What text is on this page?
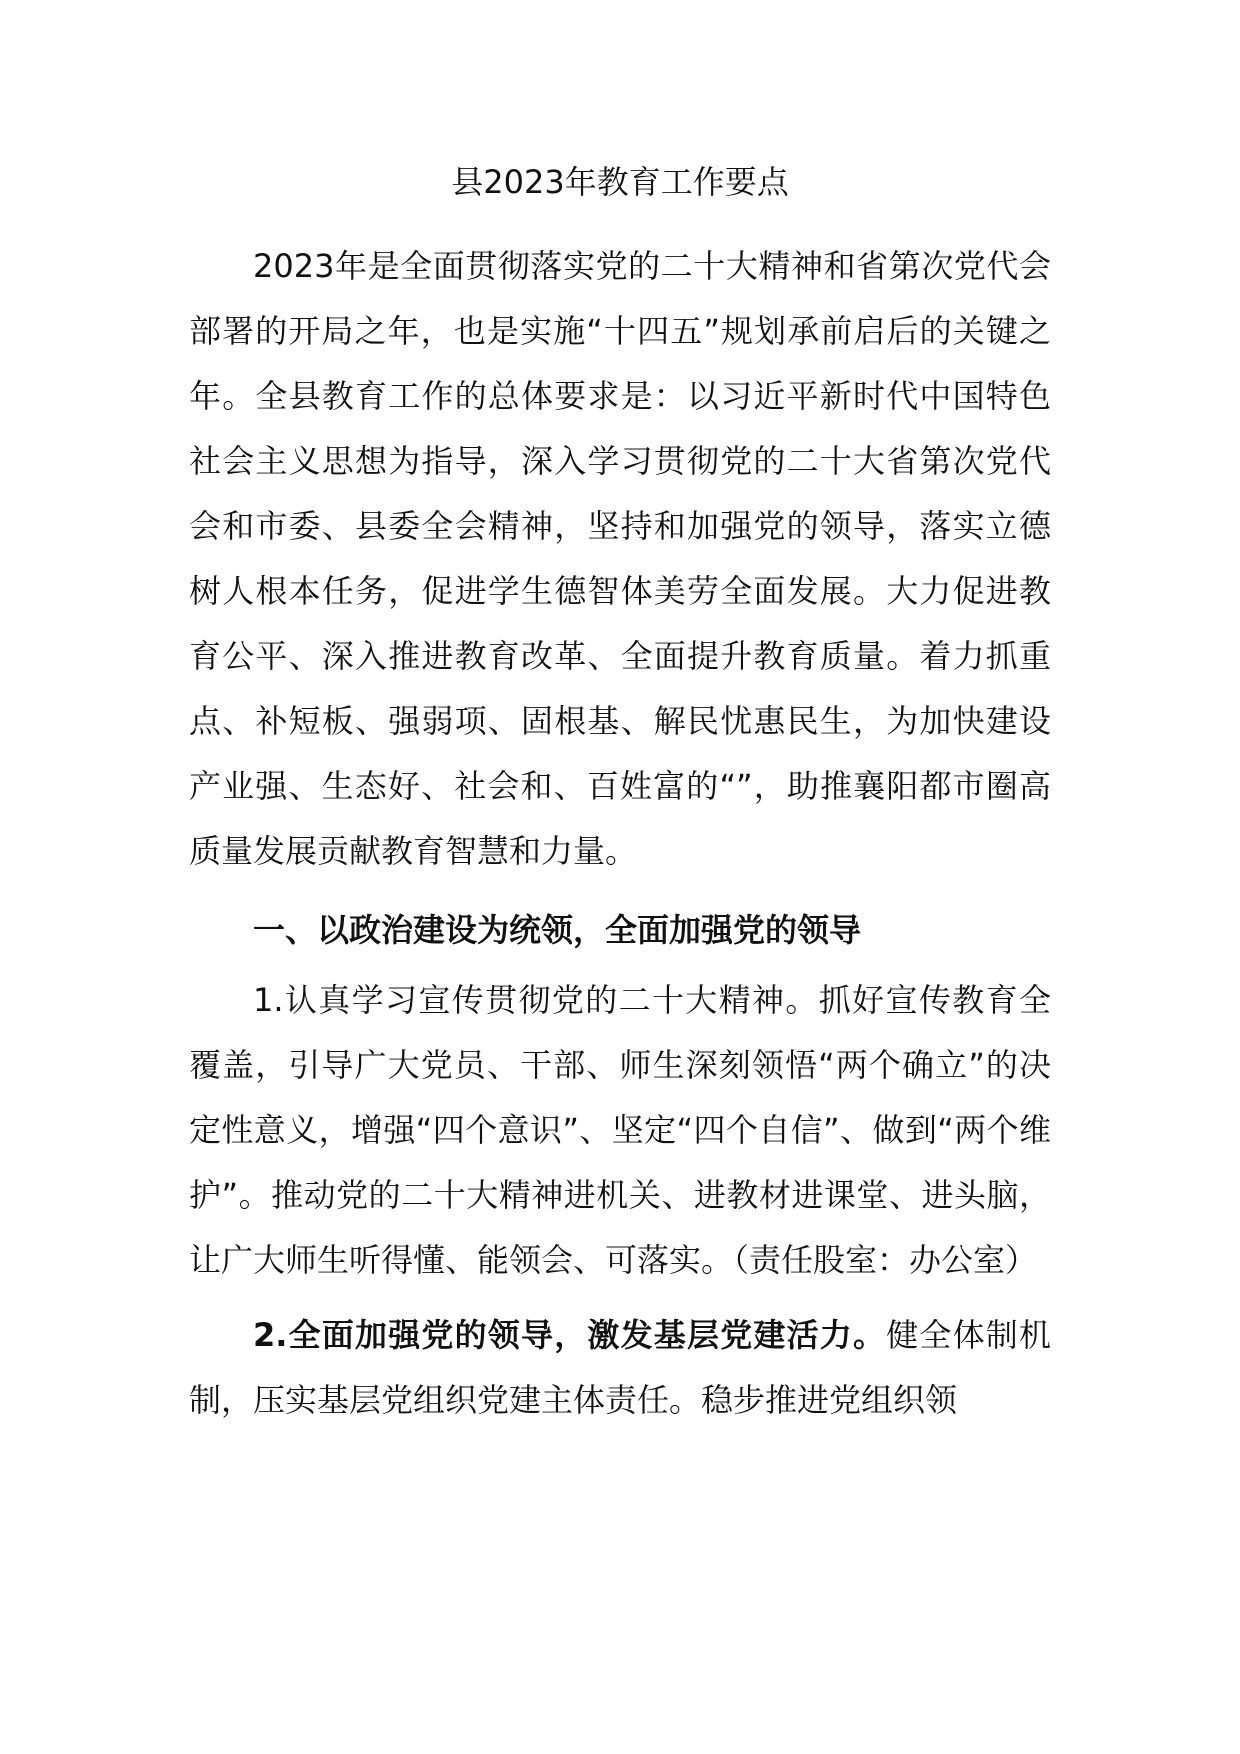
县2023年教育工作要点

2023年是全面贯彻落实党的二十大精神和省第次党代会部署的开局之年，也是实施“十四五”规划承前启后的关键之年。全县教育工作的总体要求是：以习近平新时代中国特色社会主义思想为指导，深入学习贯彻党的二十大省第次党代会和市委、县委全会精神，坚持和加强党的领导，落实立德树人根本任务，促进学生德智体美劳全面发展。大力促进教育公平、深入推进教育改革、全面提升教育质量。着力抓重点、补短板、强弱项、固根基、解民忧惠民生，为加快建设产业强、生态好、社会和、百姓富的“”，助推襄阳都市圈高质量发展贡献教育智慧和力量。

一、以政治建设为统领，全面加强党的领导

1.认真学习宣传贯彻党的二十大精神。抓好宣传教育全覆盖，引导广大党员、干部、师生深刻领悟“两个确立”的决定性意义，增强“四个意识”、坚定“四个自信”、做到“两个维护”。推动党的二十大精神进机关、进教材进课堂、进头脑，让广大师生听得懂、能领会、可落实。（责任股室：办公室）

2.全面加强党的领导，激发基层党建活力。健全体制机制，压实基层党组织党建主体责任。稳步推进党组织领
